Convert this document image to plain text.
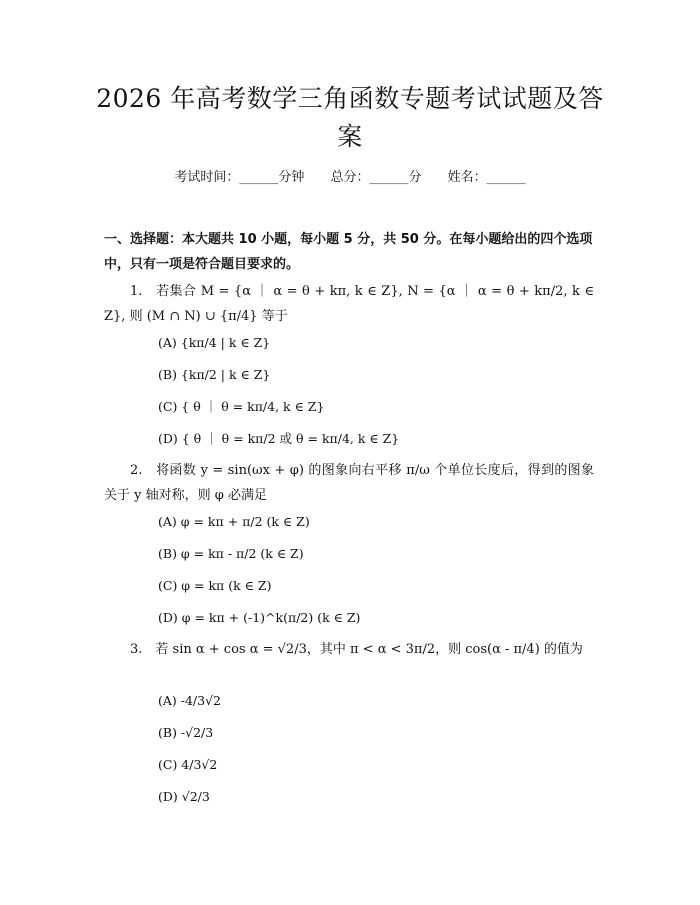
2026 年高考数学三角函数专题考试试题及答案
考试时间：______分钟 总分：______分 姓名：______
一、选择题：本大题共 10 小题，每小题 5 分，共 50 分。在每小题给出的四个选项中，只有一项是符合题目要求的。
1.　若集合 M = {α ｜ α = θ + kπ, k ∈ Z}, N = {α ｜ α = θ + kπ/2, k ∈ Z}, 则 (M ∩ N) ∪ {π/4} 等于
(A) {kπ/4 | k ∈ Z}
(B) {kπ/2 | k ∈ Z}
(C) { θ ｜ θ = kπ/4, k ∈ Z}
(D) { θ ｜ θ = kπ/2 或 θ = kπ/4, k ∈ Z}
2.　将函数 y = sin(ωx + φ) 的图象向右平移 π/ω 个单位长度后，得到的图象关于 y 轴对称，则 φ 必满足
(A) φ = kπ + π/2 (k ∈ Z)
(B) φ = kπ - π/2 (k ∈ Z)
(C) φ = kπ (k ∈ Z)
(D) φ = kπ + (-1)^k(π/2) (k ∈ Z)
3.　若 sin α + cos α = √2/3，其中 π < α < 3π/2，则 cos(α - π/4) 的值为
(A) -4/3√2
(B) -√2/3
(C) 4/3√2
(D) √2/3
